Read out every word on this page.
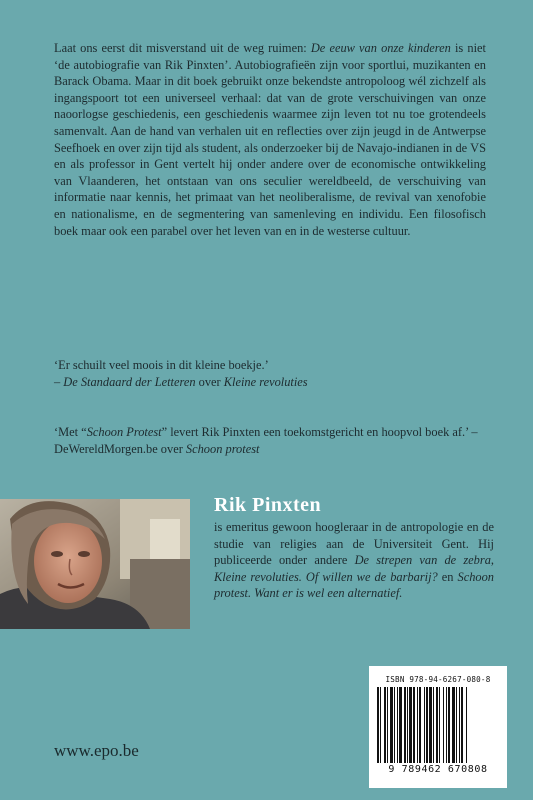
Laat ons eerst dit misverstand uit de weg ruimen: De eeuw van onze kinderen is niet ‘de autobiografie van Rik Pinxten’. Autobiografieën zijn voor sportlui, muzikanten en Barack Obama. Maar in dit boek gebruikt onze bekendste antropoloog wél zichzelf als ingangspoort tot een universeel verhaal: dat van de grote verschuivingen van onze naoorlogse geschiedenis, een geschiedenis waarmee zijn leven tot nu toe grotendeels samenvalt. Aan de hand van verhalen uit en reflecties over zijn jeugd in de Antwerpse Seefhoek en over zijn tijd als student, als onderzoeker bij de Navajo-indianen in de VS en als professor in Gent vertelt hij onder andere over de economische ontwikkeling van Vlaanderen, het ontstaan van ons seculier wereldbeeld, de verschuiving van informatie naar kennis, het primaat van het neoliberalisme, de revival van xenofobie en nationalisme, en de segmentering van samenleving en individu. Een filosofisch boek maar ook een parabel over het leven van en in de westerse cultuur.

‘Er schuilt veel moois in dit kleine boekje.’
– De Standaard der Letteren over Kleine revoluties

‘Met “Schoon Protest” levert Rik Pinxten een toekomstgericht en hoopvol boek af.’ – DeWereldMorgen.be over Schoon protest

Rik Pinxten

is emeritus gewoon hoogleraar in de antropologie en de studie van religies aan de Universiteit Gent. Hij publiceerde onder andere De strepen van de zebra, Kleine revoluties. Of willen we de barbarij? en Schoon protest. Want er is wel een alternatief.

ISBN 978-94-6267-080-8
9 789462 670808

www.epo.be
